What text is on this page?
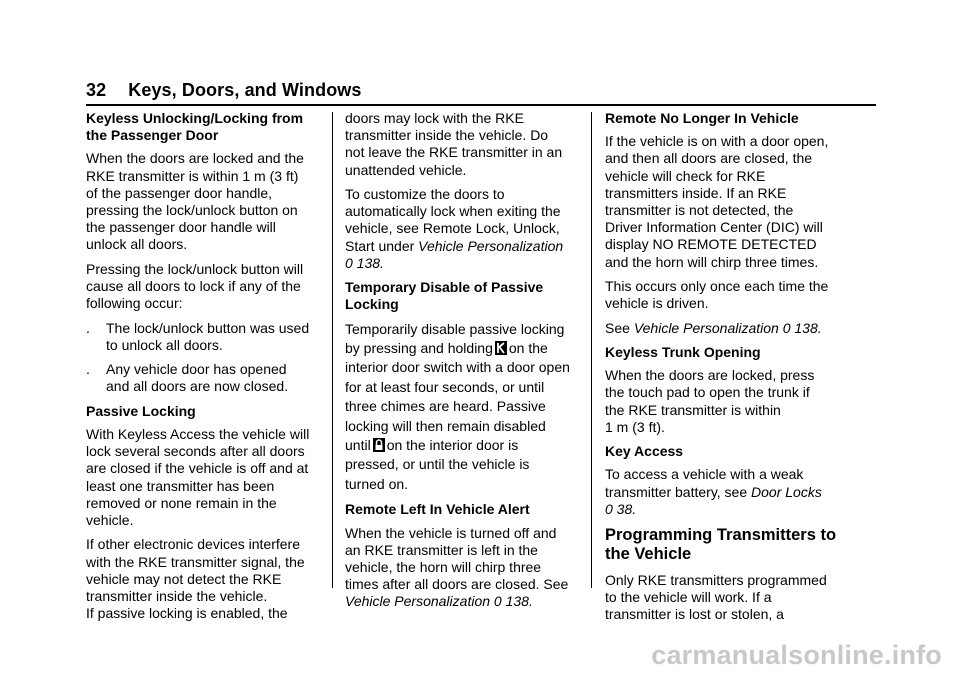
32 Keys, Doors, and Windows

Keyless Unlocking/Locking from
the Passenger Door

When the doors are locked and the
RKE transmitter is within 1 m (3 ft)
of the passenger door handle,
pressing the lock/unlock button on
the passenger door handle will
unlock all doors.

Pressing the lock/unlock button will
cause all doors to lock if any of the
following occur:

. The lock/unlock button was used
to unlock all doors.

. Any vehicle door has opened
and all doors are now closed.

Passive Locking

With Keyless Access the vehicle will
lock several seconds after all doors
are closed if the vehicle is off and at
least one transmitter has been
removed or none remain in the
vehicle.

If other electronic devices interfere
with the RKE transmitter signal, the
vehicle may not detect the RKE
transmitter inside the vehicle.
If passive locking is enabled, the

doors may lock with the RKE
transmitter inside the vehicle. Do
not leave the RKE transmitter in an
unattended vehicle.

To customize the doors to
automatically lock when exiting the
vehicle, see Remote Lock, Unlock,
Start under Vehicle Personalization
0 138.

Temporary Disable of Passive
Locking

Temporarily disable passive locking
by pressing and holding on the
interior door switch with a door open
for at least four seconds, or until
three chimes are heard. Passive
locking will then remain disabled
until on the interior door is
pressed, or until the vehicle is
turned on.

Remote Left In Vehicle Alert

When the vehicle is turned off and
an RKE transmitter is left in the
vehicle, the horn will chirp three
times after all doors are closed. See
Vehicle Personalization 0 138.

Remote No Longer In Vehicle

If the vehicle is on with a door open,
and then all doors are closed, the
vehicle will check for RKE
transmitters inside. If an RKE
transmitter is not detected, the
Driver Information Center (DIC) will
display NO REMOTE DETECTED
and the horn will chirp three times.

This occurs only once each time the
vehicle is driven.

See Vehicle Personalization 0 138.

Keyless Trunk Opening

When the doors are locked, press
the touch pad to open the trunk if
the RKE transmitter is within
1 m (3 ft).

Key Access

To access a vehicle with a weak
transmitter battery, see Door Locks
0 38.

Programming Transmitters to
the Vehicle

Only RKE transmitters programmed
to the vehicle will work. If a
transmitter is lost or stolen, a

carmanualsonline.info
